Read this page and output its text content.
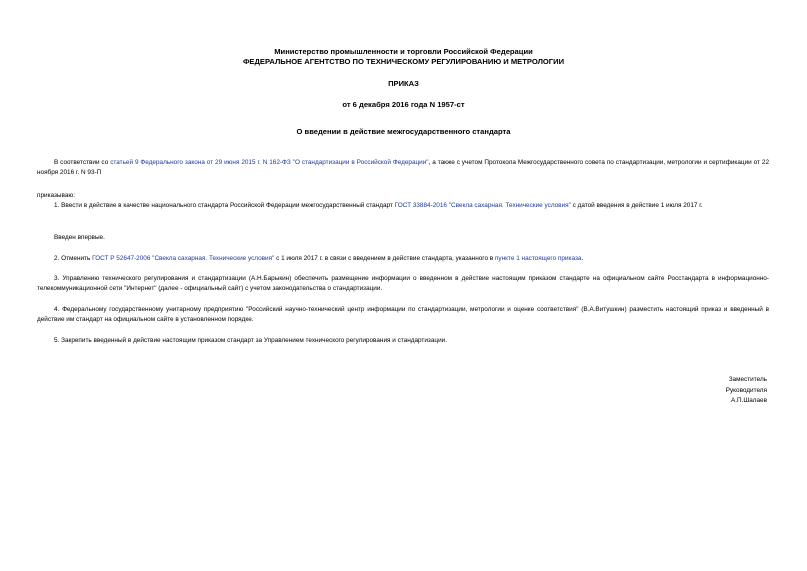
Министерство промышленности и торговли Российской Федерации
ФЕДЕРАЛЬНОЕ АГЕНТСТВО ПО ТЕХНИЧЕСКОМУ РЕГУЛИРОВАНИЮ И МЕТРОЛОГИИ
ПРИКАЗ
от 6 декабря 2016 года N 1957-ст
О введении в действие межгосударственного стандарта

В соответствии со статьей 9 Федерального закона от 29 июня 2015 г. N 162-ФЗ "О стандартизации в Российской Федерации", а также с учетом Протокола Межгосударственного совета по стандартизации, метрологии и сертификации от 22 ноября 2016 г. N 93-П

приказываю:

1. Ввести в действие в качестве национального стандарта Российской Федерации межгосударственный стандарт ГОСТ 33884-2016 "Свекла сахарная. Технические условия" с датой введения в действие 1 июля 2017 г.

Введен впервые.

2. Отменить ГОСТ Р 52647-2006 "Свекла сахарная. Технические условия" с 1 июля 2017 г. в связи с введением в действие стандарта, указанного в пункте 1 настоящего приказа.

3. Управлению технического регулирования и стандартизации (А.Н.Барыкин) обеспечить размещение информации о введенном в действие настоящим приказом стандарте на официальном сайте Росстандарта в информационно-телекоммуникационной сети "Интернет" (далее - официальный сайт) с учетом законодательства о стандартизации.

4. Федеральному государственному унитарному предприятию "Российский научно-технический центр информации по стандартизации, метрологии и оценке соответствия" (В.А.Витушкин) разместить настоящий приказ и введенный в действие им стандарт на официальном сайте в установленном порядке.

5. Закрепить введенный в действие настоящим приказом стандарт за Управлением технического регулирования и стандартизации.

Заместитель
Руководителя
А.П.Шалаев
